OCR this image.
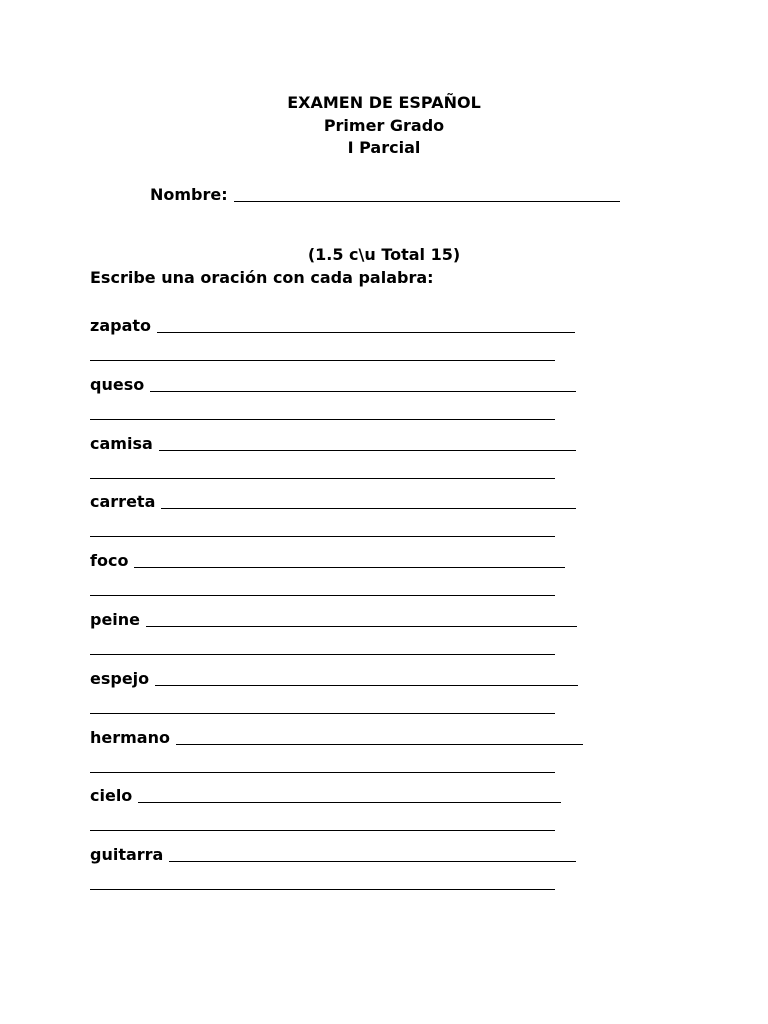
EXAMEN DE ESPAÑOL
Primer Grado
I Parcial
Nombre:
(1.5 c\u Total 15)
Escribe una oración con cada palabra:
zapato
queso
camisa
carreta
foco
peine
espejo
hermano
cielo
guitarra
